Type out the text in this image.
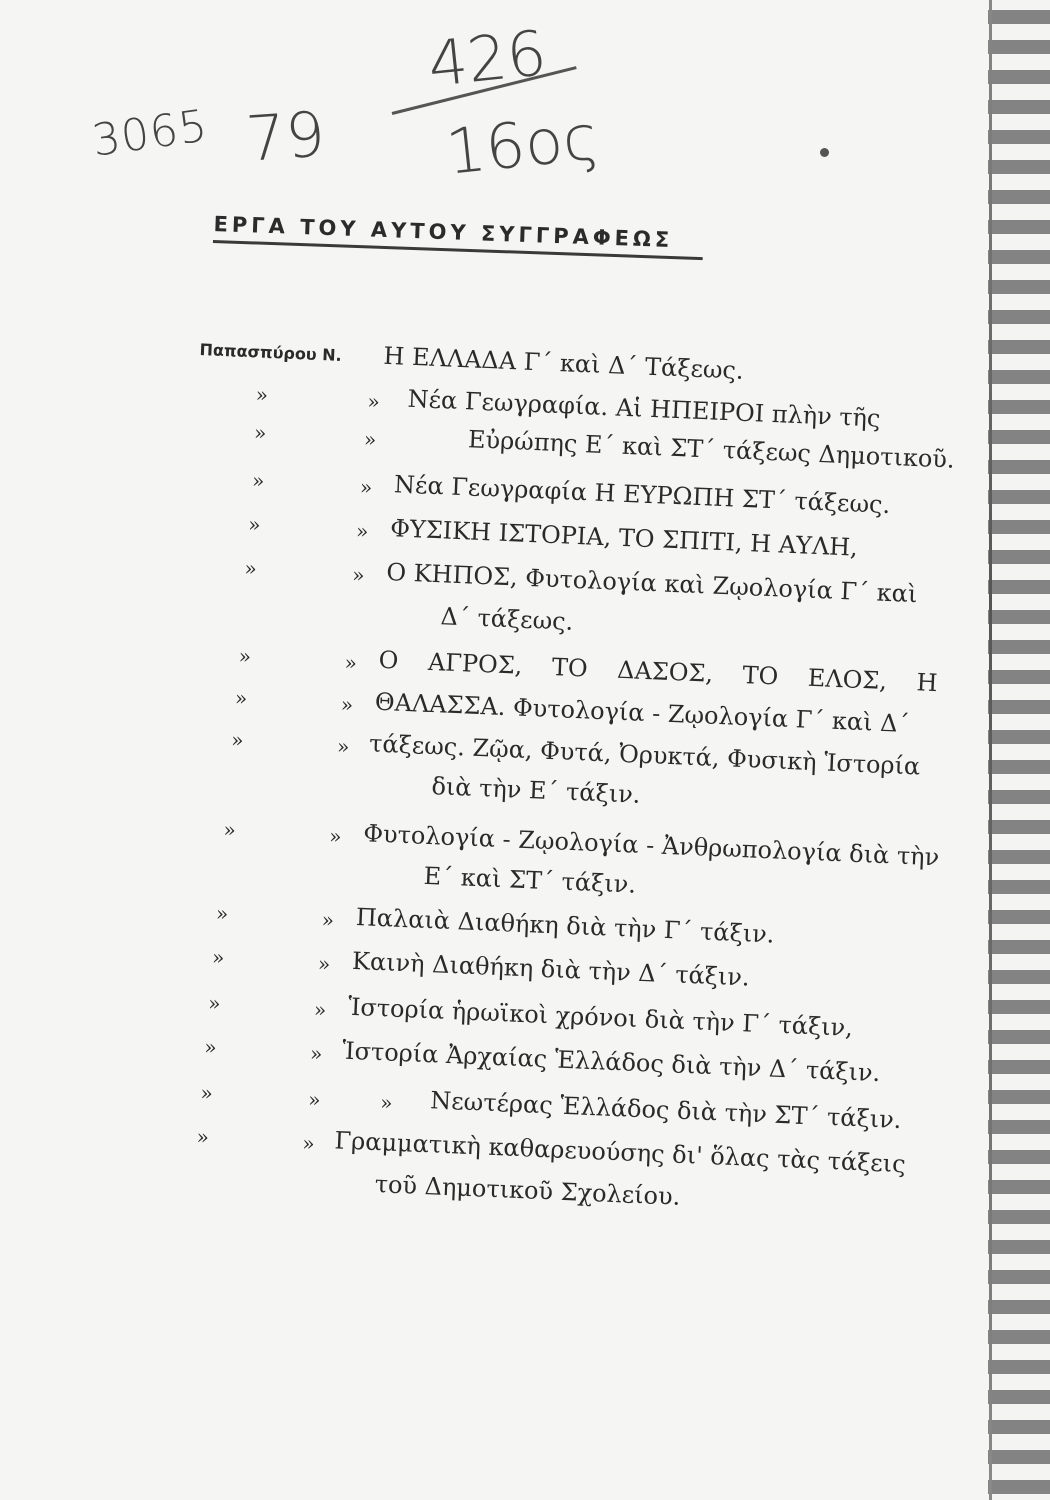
3065 79
426
16ος
ΕΡΓΑ ΤΟΥ ΑΥΤΟΥ ΣΥΓΓΡΑΦΕΩΣ
Παπασπύρου Ν. Η ΕΛΛΑΔΑ Γ΄ καὶ Δ΄ Τάξεως.
»	» Νέα Γεωγραφία. Αἱ ΗΠΕΙΡΟΙ πλὴν τῆς
»	»	Εὐρώπης Ε΄ καὶ ΣΤ΄ τάξεως Δημοτικοῦ.
»	» Νέα Γεωγραφία Η ΕΥΡΩΠΗ ΣΤ΄ τάξεως.
»	» ΦΥΣΙΚΗ ΙΣΤΟΡΙΑ, ΤΟ ΣΠΙΤΙ, Η ΑΥΛΗ,
»	» Ο ΚΗΠΟΣ, Φυτολογία καὶ Ζῳολογία Γ΄ καὶ
Δ΄ τάξεως.
»	» Ο ΑΓΡΟΣ, ΤΟ ΔΑΣΟΣ, ΤΟ ΕΛΟΣ, Η
»	» ΘΑΛΑΣΣΑ. Φυτολογία - Ζῳολογία Γ΄ καὶ Δ΄
»	» τάξεως. Ζῷα, Φυτά, Ὀρυκτά, Φυσικὴ Ἱστορία
διὰ τὴν Ε΄ τάξιν.
»	» Φυτολογία - Ζῳολογία - Ἀνθρωπολογία διὰ τὴν
Ε΄ καὶ ΣΤ΄ τάξιν.
»	» Παλαιὰ Διαθήκη διὰ τὴν Γ΄ τάξιν.
»	» Καινὴ Διαθήκη διὰ τὴν Δ΄ τάξιν.
»	» Ἱστορία ἡρωϊκοὶ χρόνοι διὰ τὴν Γ΄ τάξιν,
»	» Ἱστορία Ἀρχαίας Ἑλλάδος διὰ τὴν Δ΄ τάξιν.
»	»	» Νεωτέρας Ἑλλάδος διὰ τὴν ΣΤ΄ τάξιν.
»	» Γραμματικὴ καθαρευούσης δι' ὅλας τὰς τάξεις
τοῦ Δημοτικοῦ Σχολείου.
